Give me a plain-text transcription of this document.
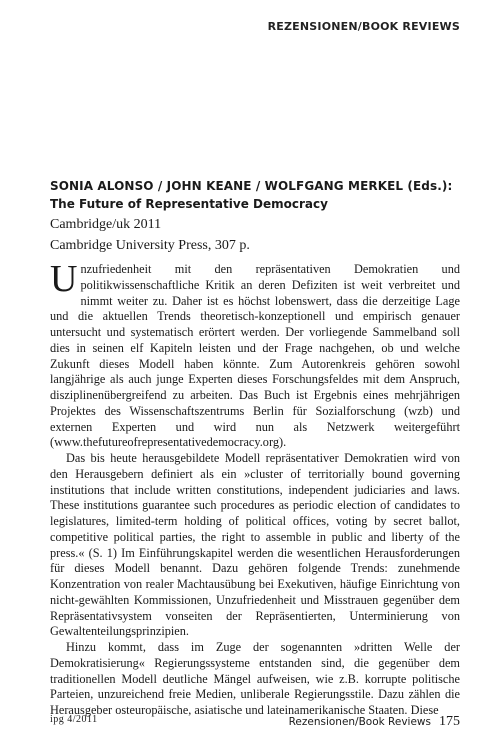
REZENSIONEN/BOOK REVIEWS
SONIA ALONSO / JOHN KEANE / WOLFGANG MERKEL (Eds.):
The Future of Representative Democracy
Cambridge/uk 2011
Cambridge University Press, 307 p.

Unzufriedenheit mit den repräsentativen Demokratien und politikwissenschaftliche Kritik an deren Defiziten ist weit verbreitet und nimmt weiter zu. Daher ist es höchst lobenswert, dass die derzeitige Lage und die aktuellen Trends theoretisch-konzeptionell und empirisch genauer untersucht und systematisch erörtert werden. Der vorliegende Sammelband soll dies in seinen elf Kapiteln leisten und der Frage nachgehen, ob und welche Zukunft dieses Modell haben könnte. Zum Autorenkreis gehören sowohl langjährige als auch junge Experten dieses Forschungsfeldes mit dem Anspruch, disziplinenübergreifend zu arbeiten. Das Buch ist Ergebnis eines mehrjährigen Projektes des Wissenschaftszentrums Berlin für Sozialforschung (wzb) und externen Experten und wird nun als Netzwerk weitergeführt (www.thefutureofrepresentativedemocracy.org).

Das bis heute herausgebildete Modell repräsentativer Demokratien wird von den Herausgebern definiert als ein »cluster of territorially bound governing institutions that include written constitutions, independent judiciaries and laws. These institutions guarantee such procedures as periodic election of candidates to legislatures, limited-term holding of political offices, voting by secret ballot, competitive political parties, the right to assemble in public and liberty of the press.« (S. 1) Im Einführungskapitel werden die wesentlichen Herausforderungen für dieses Modell benannt. Dazu gehören folgende Trends: zunehmende Konzentration von realer Machtausübung bei Exekutiven, häufige Einrichtung von nicht-gewählten Kommissionen, Unzufriedenheit und Misstrauen gegenüber dem Repräsentativsystem vonseiten der Repräsentierten, Unterminierung von Gewaltenteilungsprinzipien.

Hinzu kommt, dass im Zuge der sogenannten »dritten Welle der Demokratisierung« Regierungssysteme entstanden sind, die gegenüber dem traditionellen Modell deutliche Mängel aufweisen, wie z.B. korrupte politische Parteien, unzureichend freie Medien, unliberale Regierungsstile. Dazu zählen die Herausgeber osteuropäische, asiatische und lateinamerikanische Staaten. Diese

ipg 4/2011	Rezensionen/Book Reviews 175
